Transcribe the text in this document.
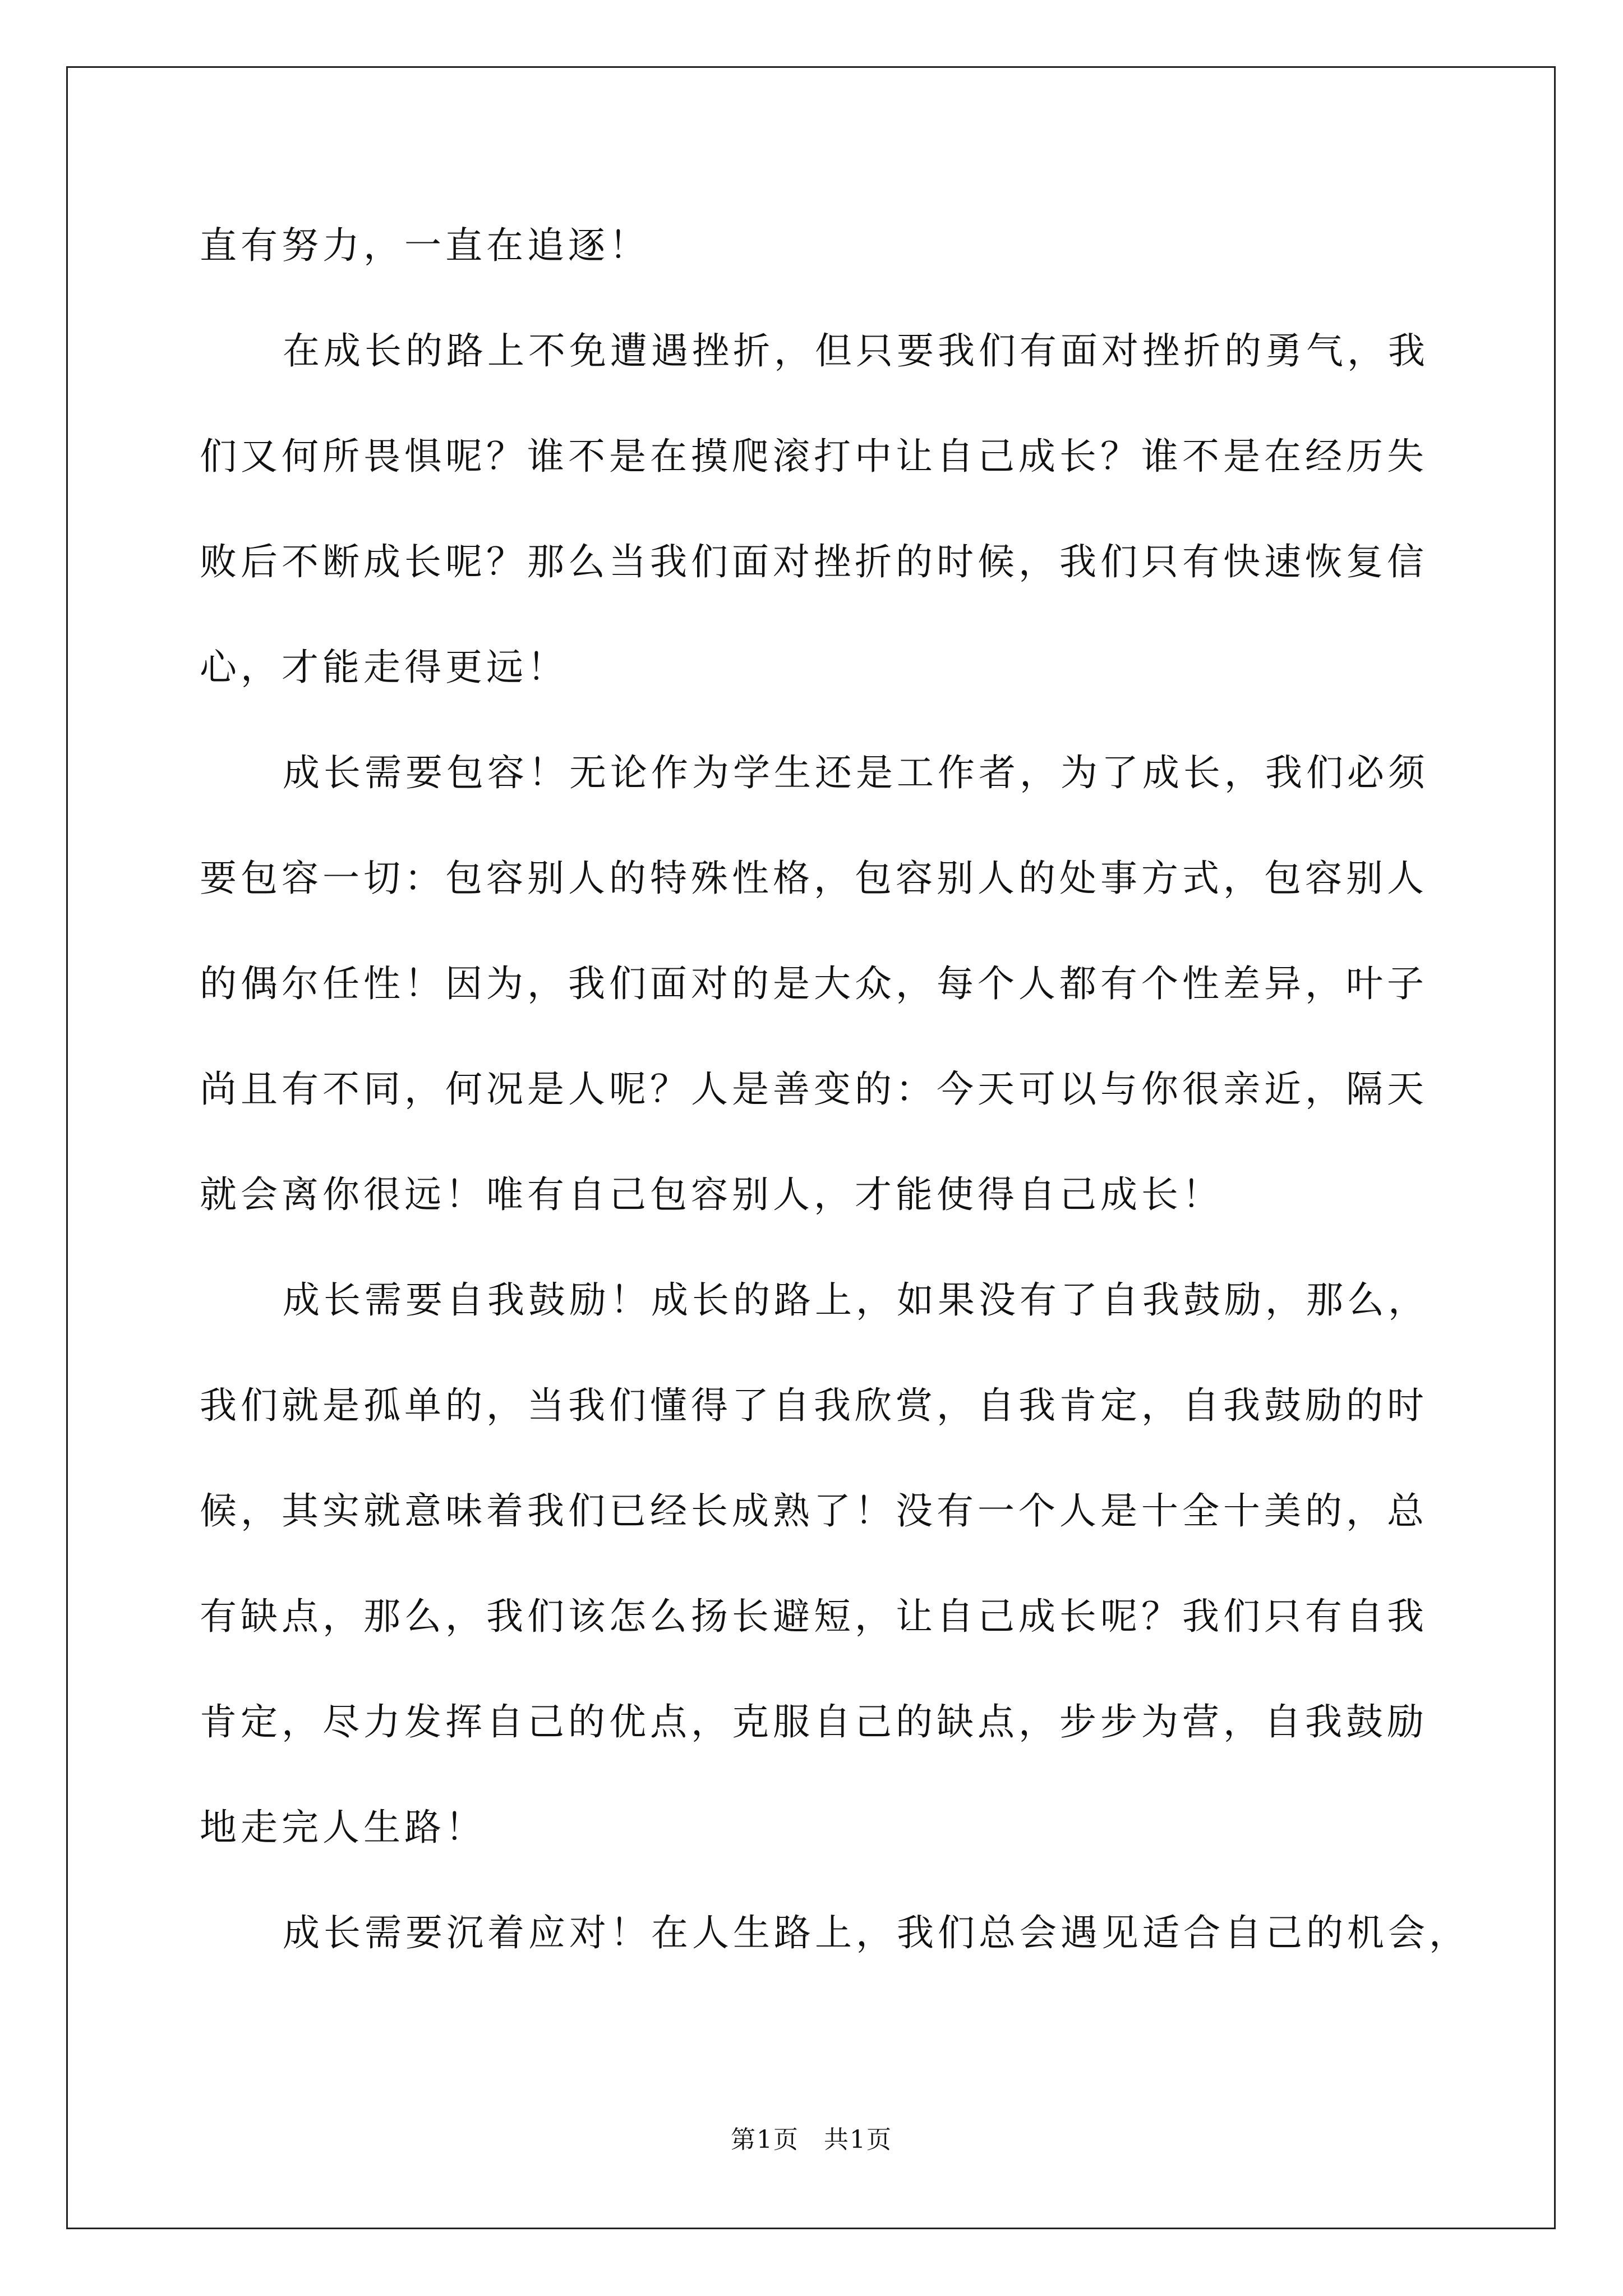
直有努力，一直在追逐！
在成长的路上不免遭遇挫折，但只要我们有面对挫折的勇气，我
们又何所畏惧呢？谁不是在摸爬滚打中让自己成长？谁不是在经历失
败后不断成长呢？那么当我们面对挫折的时候，我们只有快速恢复信
心，才能走得更远！
成长需要包容！无论作为学生还是工作者，为了成长，我们必须
要包容一切：包容别人的特殊性格，包容别人的处事方式，包容别人
的偶尔任性！因为，我们面对的是大众，每个人都有个性差异，叶子
尚且有不同，何况是人呢？人是善变的：今天可以与你很亲近，隔天
就会离你很远！唯有自己包容别人，才能使得自己成长！
成长需要自我鼓励！成长的路上，如果没有了自我鼓励，那么，
我们就是孤单的，当我们懂得了自我欣赏，自我肯定，自我鼓励的时
候，其实就意味着我们已经长成熟了！没有一个人是十全十美的，总
有缺点，那么，我们该怎么扬长避短，让自己成长呢？我们只有自我
肯定，尽力发挥自己的优点，克服自己的缺点，步步为营，自我鼓励
地走完人生路！
成长需要沉着应对！在人生路上，我们总会遇见适合自己的机会，
第1页 共1页
